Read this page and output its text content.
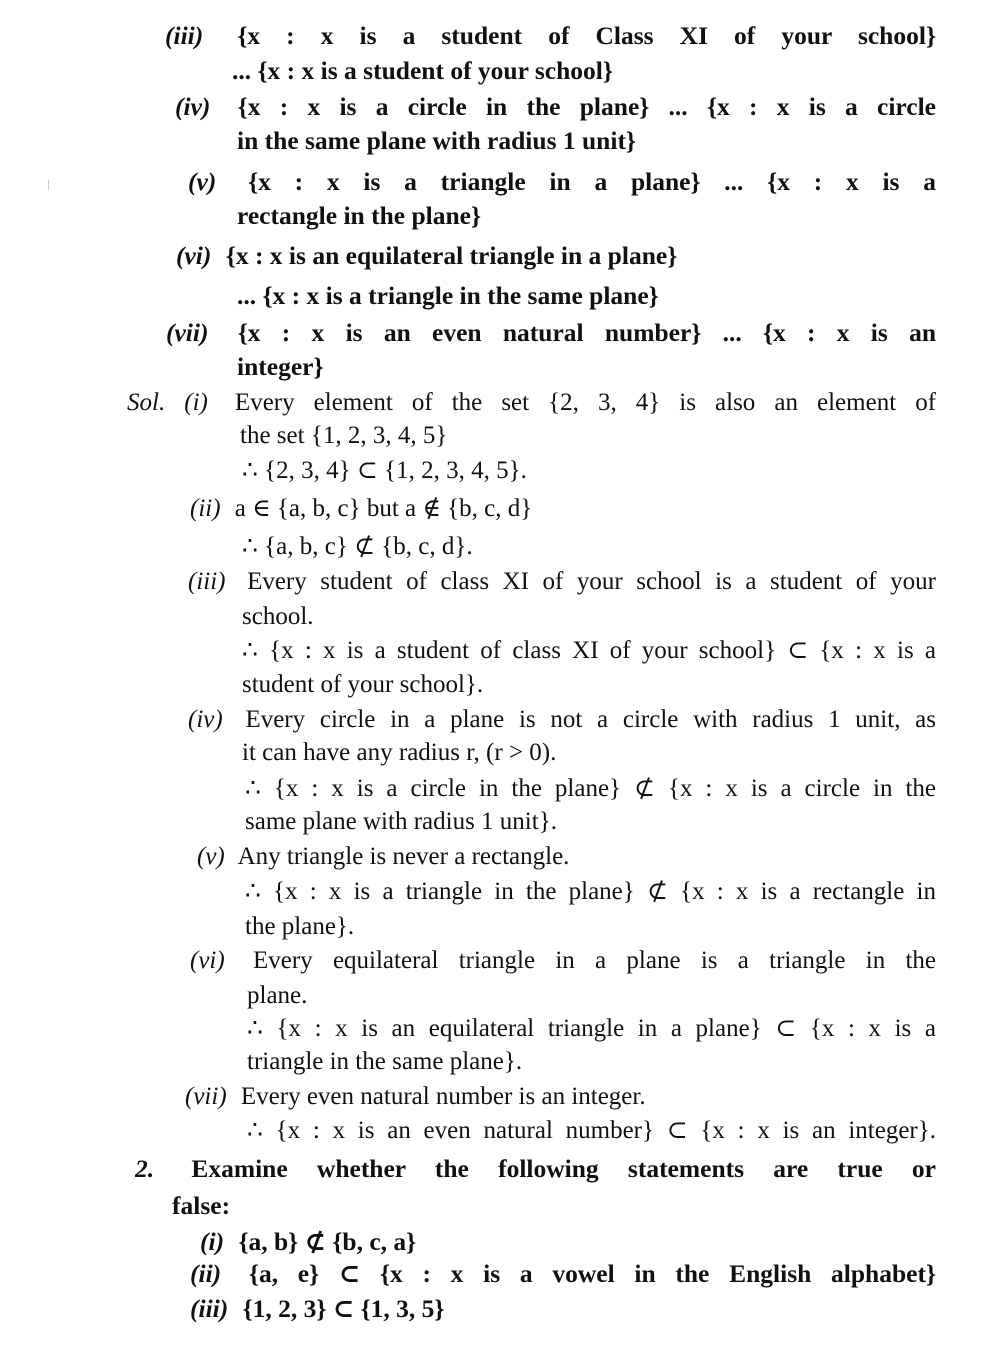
(iii) {x : x is a student of Class XI of your school}
... {x : x is a student of your school}
(iv) {x : x is a circle in the plane} ... {x : x is a circle
in the same plane with radius 1 unit}
(v) {x : x is a triangle in a plane} ... {x : x is a
rectangle in the plane}
(vi) {x : x is an equilateral triangle in a plane}
... {x : x is a triangle in the same plane}
(vii) {x : x is an even natural number} ... {x : x is an
integer}
Sol. (i) Every element of the set {2, 3, 4} is also an element of
the set {1, 2, 3, 4, 5}
∴ {2, 3, 4} ⊂ {1, 2, 3, 4, 5}.
(ii) a ∈ {a, b, c} but a ∉ {b, c, d}
∴ {a, b, c} ⊄ {b, c, d}.
(iii) Every student of class XI of your school is a student of your
school.
∴ {x : x is a student of class XI of your school} ⊂ {x : x is a
student of your school}.
(iv) Every circle in a plane is not a circle with radius 1 unit, as
it can have any radius r, (r > 0).
∴ {x : x is a circle in the plane} ⊄ {x : x is a circle in the
same plane with radius 1 unit}.
(v) Any triangle is never a rectangle.
∴ {x : x is a triangle in the plane} ⊄ {x : x is a rectangle in
the plane}.
(vi) Every equilateral triangle in a plane is a triangle in the
plane.
∴ {x : x is an equilateral triangle in a plane} ⊂ {x : x is a
triangle in the same plane}.
(vii) Every even natural number is an integer.
∴ {x : x is an even natural number} ⊂ {x : x is an integer}.
2. Examine whether the following statements are true or
false:
(i) {a, b} ⊄ {b, c, a}
(ii) {a, e} ⊂ {x : x is a vowel in the English alphabet}
(iii) {1, 2, 3} ⊂ {1, 3, 5}
